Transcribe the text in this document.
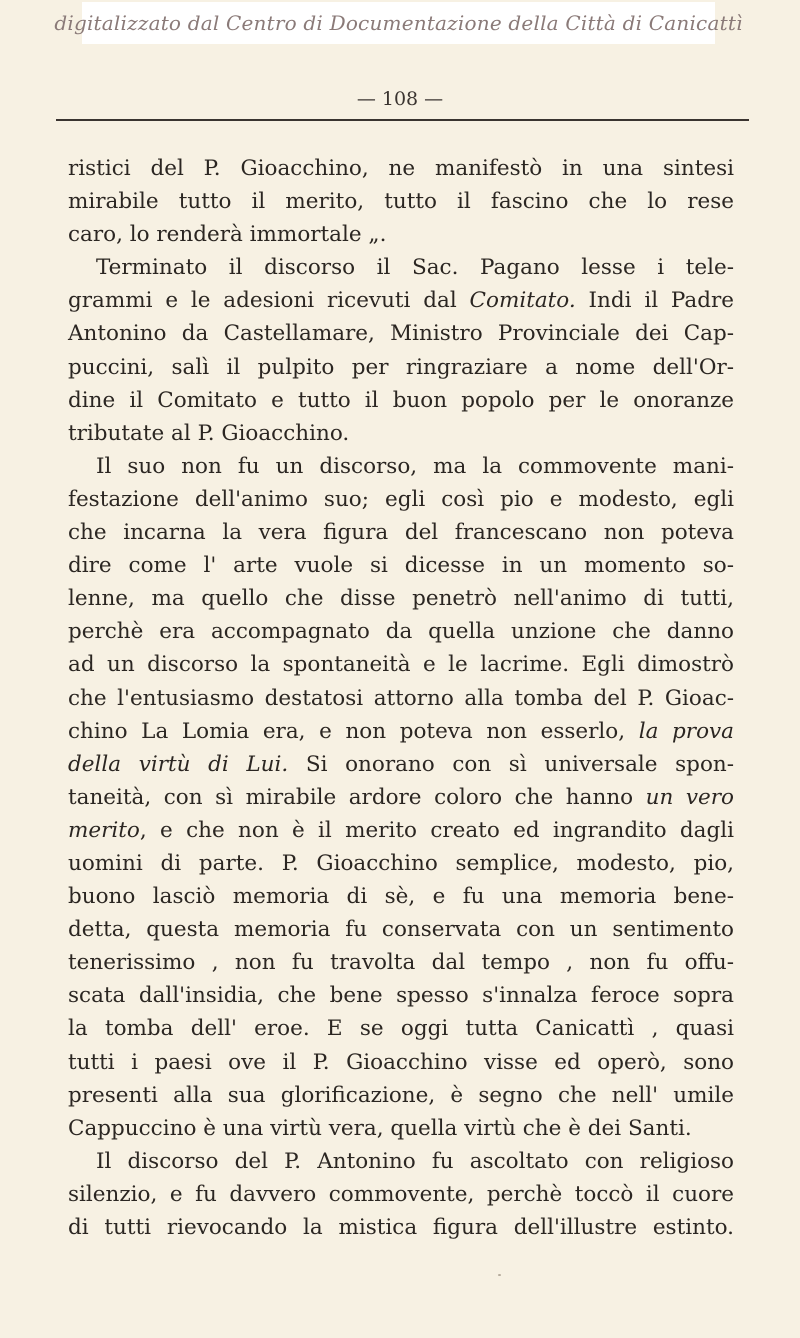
digitalizzato dal Centro di Documentazione della Città di Canicattì
— 108 —
ristici del P. Gioacchino, ne manifestò in una sintesi
mirabile tutto il merito, tutto il fascino che lo rese
caro, lo renderà immortale „.
Terminato il discorso il Sac. Pagano lesse i tele-
grammi e le adesioni ricevuti dal Comitato. Indi il Padre
Antonino da Castellamare, Ministro Provinciale dei Cap-
puccini, salì il pulpito per ringraziare a nome dell'Or-
dine il Comitato e tutto il buon popolo per le onoranze
tributate al P. Gioacchino.
Il suo non fu un discorso, ma la commovente mani-
festazione dell'animo suo; egli così pio e modesto, egli
che incarna la vera figura del francescano non poteva
dire come l' arte vuole si dicesse in un momento so-
lenne, ma quello che disse penetrò nell'animo di tutti,
perchè era accompagnato da quella unzione che danno
ad un discorso la spontaneità e le lacrime. Egli dimostrò
che l'entusiasmo destatosi attorno alla tomba del P. Gioac-
chino La Lomia era, e non poteva non esserlo, la prova
della virtù di Lui. Si onorano con sì universale spon-
taneità, con sì mirabile ardore coloro che hanno un vero
merito, e che non è il merito creato ed ingrandito dagli
uomini di parte. P. Gioacchino semplice, modesto, pio,
buono lasciò memoria di sè, e fu una memoria bene-
detta, questa memoria fu conservata con un sentimento
tenerissimo , non fu travolta dal tempo , non fu offu-
scata dall'insidia, che bene spesso s'innalza feroce sopra
la tomba dell' eroe. E se oggi tutta Canicattì , quasi
tutti i paesi ove il P. Gioacchino visse ed operò, sono
presenti alla sua glorificazione, è segno che nell' umile
Cappuccino è una virtù vera, quella virtù che è dei Santi.
Il discorso del P. Antonino fu ascoltato con religioso
silenzio, e fu davvero commovente, perchè toccò il cuore
di tutti rievocando la mistica figura dell'illustre estinto.
